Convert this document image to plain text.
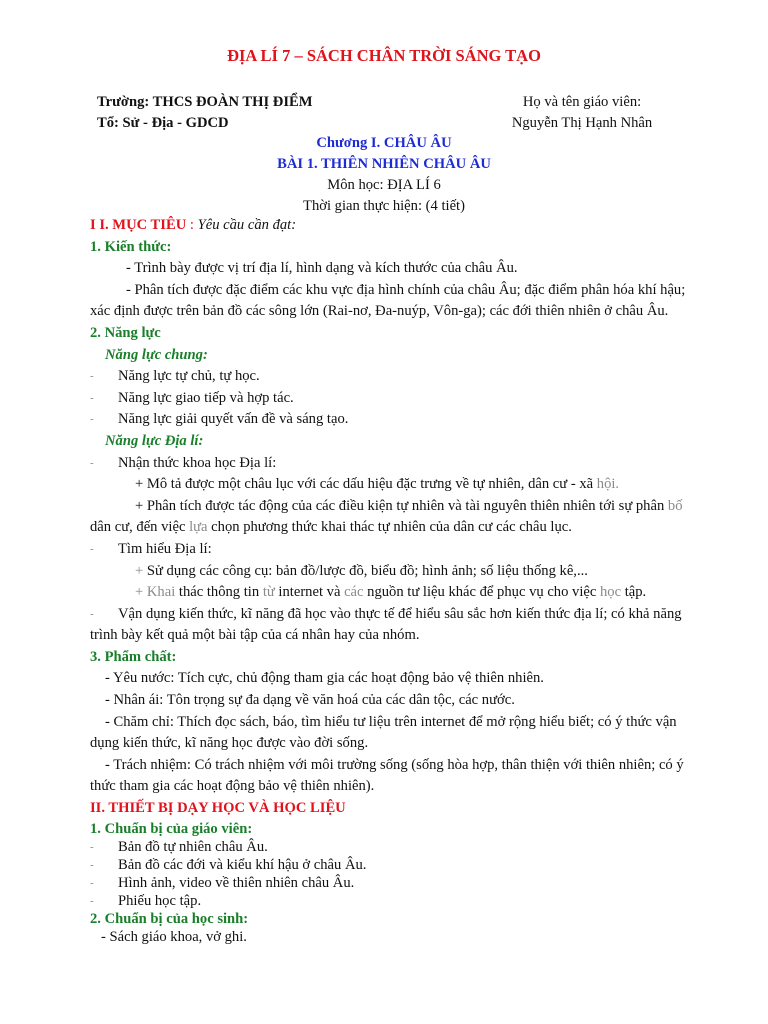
ĐỊA LÍ 7 – SÁCH CHÂN TRỜI SÁNG TẠO
Trường: THCS ĐOÀN THỊ ĐIỂM	Họ và tên giáo viên:
Tổ: Sử - Địa - GDCD	Nguyễn Thị Hạnh Nhân
Chương I. CHÂU ÂU
BÀI 1. THIÊN NHIÊN CHÂU ÂU
Môn học: ĐỊA LÍ 6
Thời gian thực hiện: (4 tiết)
I I. MỤC TIÊU : Yêu cầu cần đạt:
1. Kiến thức:
- Trình bày được vị trí địa lí, hình dạng và kích thước của châu Âu.
- Phân tích được đặc điểm các khu vực địa hình chính của châu Âu; đặc điểm phân hóa khí hậu;
xác định được trên bản đồ các sông lớn (Rai-nơ, Đa-nuýp, Vôn-ga); các đới thiên nhiên ở châu Âu.
2. Năng lực
Năng lực chung:
- Năng lực tự chủ, tự học.
- Năng lực giao tiếp và hợp tác.
- Năng lực giải quyết vấn đề và sáng tạo.
Năng lực Địa lí:
- Nhận thức khoa học Địa lí:
+ Mô tả được một châu lục với các dấu hiệu đặc trưng về tự nhiên, dân cư - xã hội.
+ Phân tích được tác động của các điều kiện tự nhiên và tài nguyên thiên nhiên tới sự phân bố
dân cư, đến việc lựa chọn phương thức khai thác tự nhiên của dân cư các châu lục.
- Tìm hiểu Địa lí:
+ Sử dụng các công cụ: bản đồ/lược đồ, biểu đồ; hình ảnh; số liệu thống kê,...
+ Khai thác thông tin từ internet và các nguồn tư liệu khác để phục vụ cho việc học tập.
- Vận dụng kiến thức, kĩ năng đã học vào thực tế để hiểu sâu sắc hơn kiến thức địa lí; có khả năng
trình bày kết quả một bài tập của cá nhân hay của nhóm.
3. Phẩm chất:
- Yêu nước: Tích cực, chủ động tham gia các hoạt động bảo vệ thiên nhiên.
- Nhân ái: Tôn trọng sự đa dạng về văn hoá của các dân tộc, các nước.
- Chăm chỉ: Thích đọc sách, báo, tìm hiểu tư liệu trên internet để mở rộng hiểu biết; có ý thức vận
dụng kiến thức, kĩ năng học được vào đời sống.
- Trách nhiệm: Có trách nhiệm với môi trường sống (sống hòa hợp, thân thiện với thiên nhiên; có ý
thức tham gia các hoạt động bảo vệ thiên nhiên).
II. THIẾT BỊ DẠY HỌC VÀ HỌC LIỆU
1. Chuẩn bị của giáo viên:
- Bản đồ tự nhiên châu Âu.
- Bản đồ các đới và kiểu khí hậu ở châu Âu.
- Hình ảnh, video về thiên nhiên châu Âu.
- Phiếu học tập.
2. Chuẩn bị của học sinh:
- Sách giáo khoa, vở ghi.
